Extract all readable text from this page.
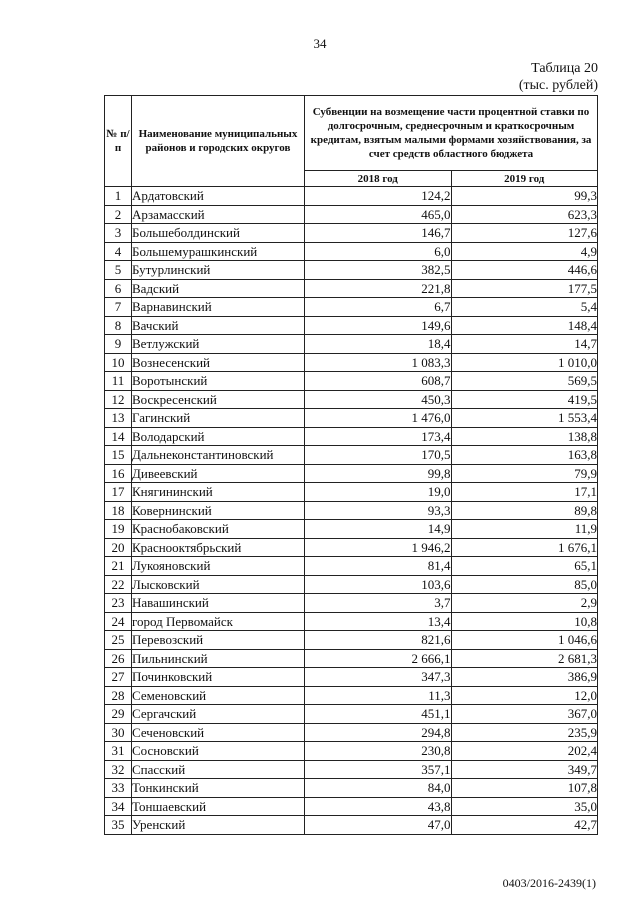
34
Таблица 20
(тыс. рублей)
№ п/п	Наименование муниципальных районов и городских округов	Субвенции на возмещение части процентной ставки по долгосрочным, среднесрочным и краткосрочным кредитам, взятым малыми формами хозяйствования, за счет средств областного бюджета	
		2018 год	2019 год
1	Ардатовский	124,2	99,3
2	Арзамасский	465,0	623,3
3	Большеболдинский	146,7	127,6
4	Большемурашкинский	6,0	4,9
5	Бутурлинский	382,5	446,6
6	Вадский	221,8	177,5
7	Варнавинский	6,7	5,4
8	Вачский	149,6	148,4
9	Ветлужский	18,4	14,7
10	Вознесенский	1 083,3	1 010,0
11	Воротынский	608,7	569,5
12	Воскресенский	450,3	419,5
13	Гагинский	1 476,0	1 553,4
14	Володарский	173,4	138,8
15	Дальнеконстантиновский	170,5	163,8
16	Дивеевский	99,8	79,9
17	Княгининский	19,0	17,1
18	Ковернинский	93,3	89,8
19	Краснобаковский	14,9	11,9
20	Краснооктябрьский	1 946,2	1 676,1
21	Лукояновский	81,4	65,1
22	Лысковский	103,6	85,0
23	Навашинский	3,7	2,9
24	город Первомайск	13,4	10,8
25	Перевозский	821,6	1 046,6
26	Пильнинский	2 666,1	2 681,3
27	Починковский	347,3	386,9
28	Семеновский	11,3	12,0
29	Сергачский	451,1	367,0
30	Сеченовский	294,8	235,9
31	Сосновский	230,8	202,4
32	Спасский	357,1	349,7
33	Тонкинский	84,0	107,8
34	Тоншаевский	43,8	35,0
35	Уренский	47,0	42,7
0403/2016-2439(1)
